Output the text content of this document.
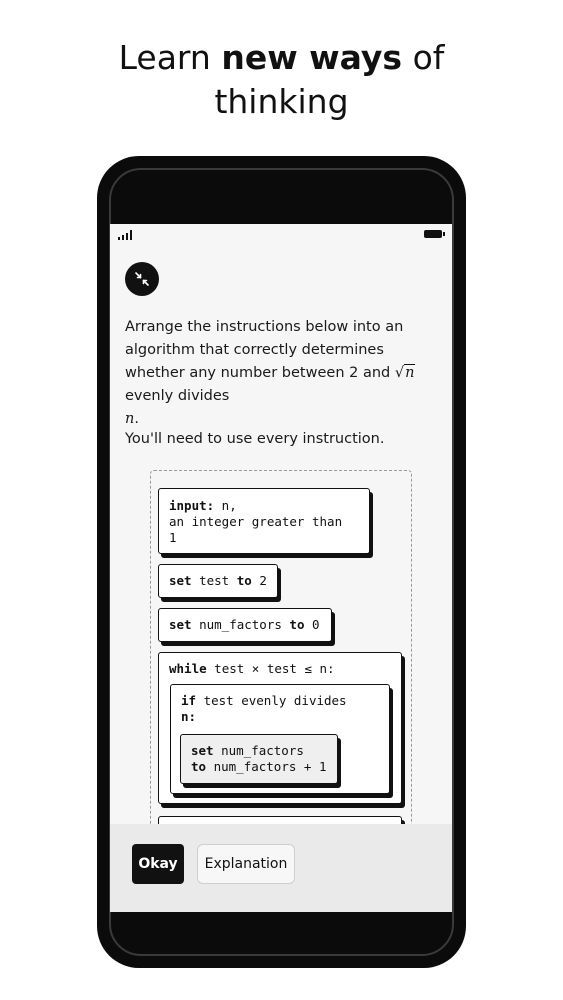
Learn new ways of
thinking
Arrange the instructions below into an algorithm that correctly determines whether any number between 2 and √n evenly divides
n.
You'll need to use every instruction.
input: n,
an integer greater than
1
set test to 2
set num_factors to 0
while test × test ≤ n:
if test evenly divides
n:
set num_factors
to num_factors + 1
Okay	Explanation
